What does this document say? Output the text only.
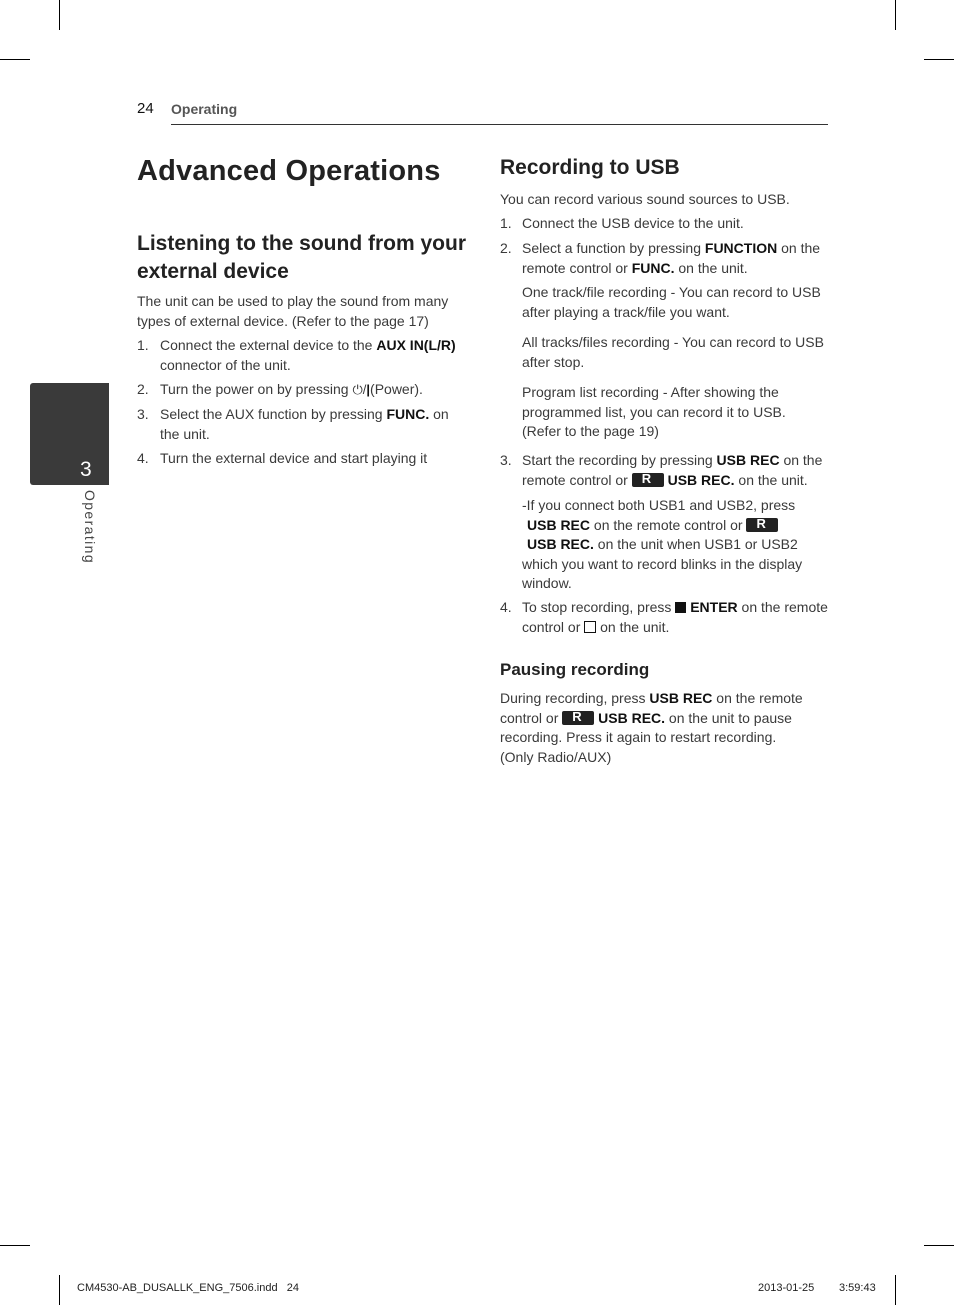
24 Operating
3
Operating
Advanced Operations
Listening to the sound from your external device
The unit can be used to play the sound from many types of external device. (Refer to the page 17)
1. Connect the external device to the AUX IN(L/R) connector of the unit.
2. Turn the power on by pressing ⏻/|(Power).
3. Select the AUX function by pressing FUNC. on the unit.
4. Turn the external device and start playing it
Recording to USB
You can record various sound sources to USB.
1. Connect the USB device to the unit.
2. Select a function by pressing FUNCTION on the remote control or FUNC. on the unit.
One track/file recording - You can record to USB after playing a track/file you want.
All tracks/files recording - You can record to USB after stop.
Program list recording - After showing the programmed list, you can record it to USB. (Refer to the page 19)
3. Start the recording by pressing USB REC on the remote control or R	USB REC. on the unit.
-If you connect both USB1 and USB2, press
USB REC on the remote control or R
USB REC. on the unit when USB1 or USB2 which you want to record blinks in the display window.
4. To stop recording, press  ENTER on the remote control or  on the unit.
Pausing recording
During recording, press USB REC on the remote control or R	USB REC. on the unit to pause recording. Press it again to restart recording.
(Only Radio/AUX)
CM4530-AB_DUSALLK_ENG_7506.indd   24	2013-01-25 3:59:43
